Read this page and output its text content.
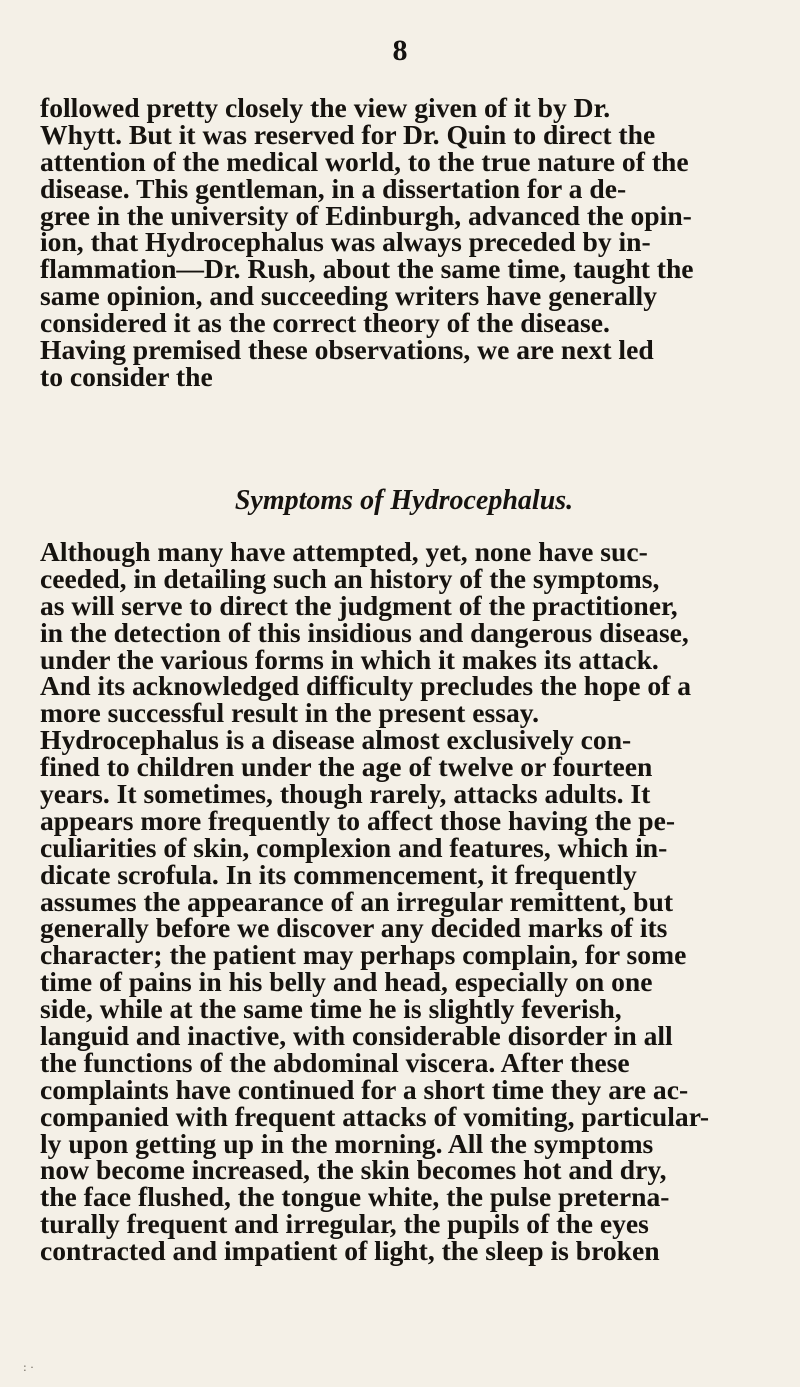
8
followed pretty closely the view given of it by Dr.
Whytt. But it was reserved for Dr. Quin to direct the
attention of the medical world, to the true nature of the
disease. This gentleman, in a dissertation for a de-
gree in the university of Edinburgh, advanced the opin-
ion, that Hydrocephalus was always preceded by in-
flammation—Dr. Rush, about the same time, taught the
same opinion, and succeeding writers have generally
considered it as the correct theory of the disease.
Having premised these observations, we are next led
to consider the
Symptoms of Hydrocephalus.
Although many have attempted, yet, none have suc-
ceeded, in detailing such an history of the symptoms,
as will serve to direct the judgment of the practitioner,
in the detection of this insidious and dangerous disease,
under the various forms in which it makes its attack.
And its acknowledged difficulty precludes the hope of a
more successful result in the present essay.
Hydrocephalus is a disease almost exclusively con-
fined to children under the age of twelve or fourteen
years. It sometimes, though rarely, attacks adults. It
appears more frequently to affect those having the pe-
culiarities of skin, complexion and features, which in-
dicate scrofula. In its commencement, it frequently
assumes the appearance of an irregular remittent, but
generally before we discover any decided marks of its
character; the patient may perhaps complain, for some
time of pains in his belly and head, especially on one
side, while at the same time he is slightly feverish,
languid and inactive, with considerable disorder in all
the functions of the abdominal viscera. After these
complaints have continued for a short time they are ac-
companied with frequent attacks of vomiting, particular-
ly upon getting up in the morning. All the symptoms
now become increased, the skin becomes hot and dry,
the face flushed, the tongue white, the pulse preterna-
turally frequent and irregular, the pupils of the eyes
contracted and impatient of light, the sleep is broken
: ·
